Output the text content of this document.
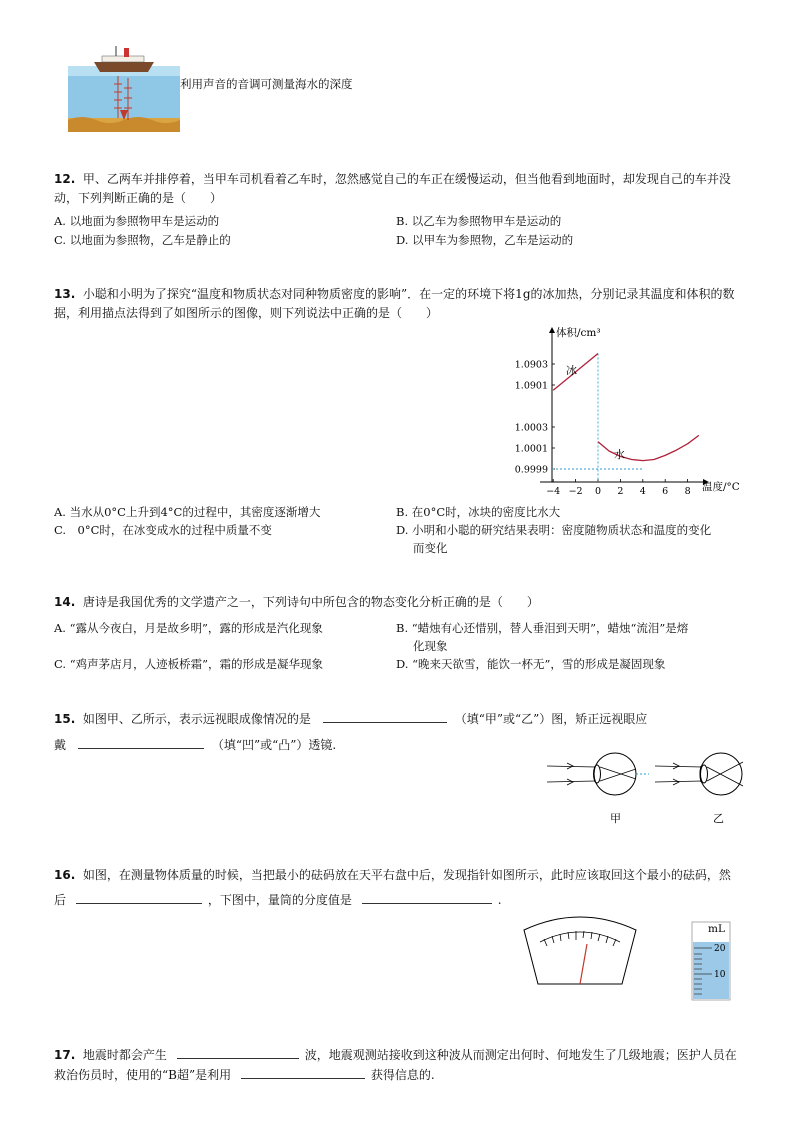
利用声音的音调可测量海水的深度
12. 甲、乙两车并排停着，当甲车司机看着乙车时，忽然感觉自己的车正在缓慢运动，但当他看到地面时，却发现自己的车并没
动，下列判断正确的是（　　）
A. 以地面为参照物甲车是运动的	B. 以乙车为参照物甲车是运动的
C. 以地面为参照物，乙车是静止的	D. 以甲车为参照物，乙车是运动的
13. 小聪和小明为了探究“温度和物质状态对同种物质密度的影响”．在一定的环境下将1g的冰加热，分别记录其温度和体积的数
据，利用描点法得到了如图所示的图像，则下列说法中正确的是（　　）
体积/cm³
温度/°C
1.0903
1.0901
1.0003
1.0001
0.9999
−4 −2 0 2 4 6 8
冰
水
A. 当水从0°C上升到4°C的过程中，其密度逐渐增大	B. 在0°C时，冰块的密度比水大
C.　0°C时，在冰变成水的过程中质量不变	D. 小明和小聪的研究结果表明：密度随物质状态和温度的变化
而变化
14. 唐诗是我国优秀的文学遗产之一，下列诗句中所包含的物态变化分析正确的是（　　）
A. “露从今夜白，月是故乡明”，露的形成是汽化现象	B. “蜡烛有心还惜别，替人垂泪到天明”，蜡烛“流泪”是熔
化现象
C. “鸡声茅店月，人迹板桥霜”，霜的形成是凝华现象	D. “晚来天欲雪，能饮一杯无”，雪的形成是凝固现象
15. 如图甲、乙所示，表示远视眼成像情况的是	（填“甲”或“乙”）图，矫正远视眼应
戴	（填“凹”或“凸”）透镜.
甲	乙
16. 如图，在测量物体质量的时候，当把最小的砝码放在天平右盘中后，发现指针如图所示，此时应该取回这个最小的砝码，然
后	，下图中，量筒的分度值是	.
mL
20
10
17. 地震时都会产生	波，地震观测站接收到这种波从而测定出何时、何地发生了几级地震；医护人员在
救治伤员时，使用的“B超”是利用	获得信息的.
